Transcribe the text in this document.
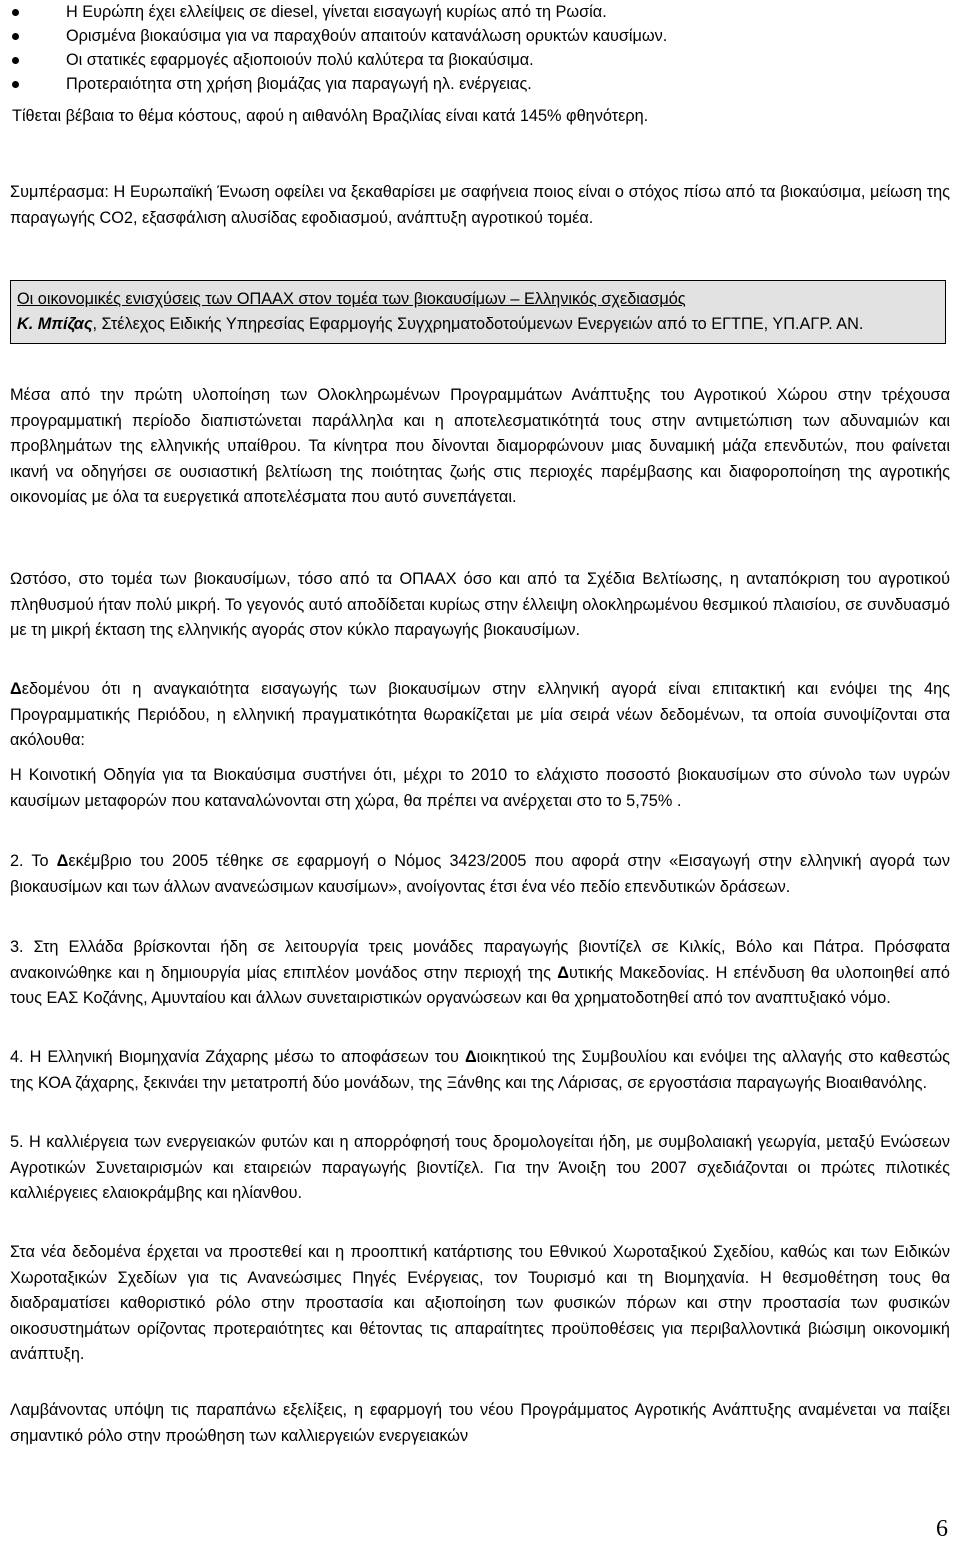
Η Ευρώπη έχει ελλείψεις σε diesel, γίνεται εισαγωγή κυρίως από τη Ρωσία.
Ορισμένα βιοκαύσιμα για να παραχθούν απαιτούν κατανάλωση ορυκτών καυσίμων.
Οι στατικές εφαρμογές αξιοποιούν πολύ καλύτερα τα βιοκαύσιμα.
Προτεραιότητα στη χρήση βιομάζας για παραγωγή ηλ. ενέργειας.
Τίθεται βέβαια το θέμα κόστους, αφού η αιθανόλη Βραζιλίας είναι κατά 145% φθηνότερη.

Συμπέρασμα: Η Ευρωπαϊκή Ένωση οφείλει να ξεκαθαρίσει με σαφήνεια ποιος είναι ο στόχος πίσω από τα βιοκαύσιμα, μείωση της παραγωγής CO2, εξασφάλιση αλυσίδας εφοδιασμού, ανάπτυξη αγροτικού τομέα.

Οι οικονομικές ενισχύσεις των ΟΠΑΑΧ στον τομέα των βιοκαυσίμων – Ελληνικός σχεδιασμός
Κ. Μπίζας, Στέλεχος Ειδικής Υπηρεσίας Εφαρμογής Συγχρηματοδοτούμενων Ενεργειών από το ΕΓΤΠΕ, ΥΠ.ΑΓΡ. ΑΝ.

Μέσα από την πρώτη υλοποίηση των Ολοκληρωμένων Προγραμμάτων Ανάπτυξης του Αγροτικού Χώρου στην τρέχουσα προγραμματική περίοδο διαπιστώνεται παράλληλα και η αποτελεσματικότητά τους στην αντιμετώπιση των αδυναμιών και προβλημάτων της ελληνικής υπαίθρου. Τα κίνητρα που δίνονται διαμορφώνουν μιας δυναμική μάζα επενδυτών, που φαίνεται ικανή να οδηγήσει σε ουσιαστική βελτίωση της ποιότητας ζωής στις περιοχές παρέμβασης και διαφοροποίηση της αγροτικής οικονομίας με όλα τα ευεργετικά αποτελέσματα που αυτό συνεπάγεται.

Ωστόσο, στο τομέα των βιοκαυσίμων, τόσο από τα ΟΠΑΑΧ όσο και από τα Σχέδια Βελτίωσης, η ανταπόκριση του αγροτικού πληθυσμού ήταν πολύ μικρή. Το γεγονός αυτό αποδίδεται κυρίως στην έλλειψη ολοκληρωμένου θεσμικού πλαισίου, σε συνδυασμό με τη μικρή έκταση της ελληνικής αγοράς στον κύκλο παραγωγής βιοκαυσίμων.

Δεδομένου ότι η αναγκαιότητα εισαγωγής των βιοκαυσίμων στην ελληνική αγορά είναι επιτακτική και ενόψει της 4ης Προγραμματικής Περιόδου, η ελληνική πραγματικότητα θωρακίζεται με μία σειρά νέων δεδομένων, τα οποία συνοψίζονται στα ακόλουθα:

Η Κοινοτική Οδηγία για τα Βιοκαύσιμα συστήνει ότι, μέχρι το 2010 το ελάχιστο ποσοστό βιοκαυσίμων στο σύνολο των υγρών καυσίμων μεταφορών που καταναλώνονται στη χώρα, θα πρέπει να ανέρχεται στο το 5,75% .

2. Το Δεκέμβριο του 2005 τέθηκε σε εφαρμογή ο Νόμος 3423/2005 που αφορά στην «Εισαγωγή στην ελληνική αγορά των βιοκαυσίμων και των άλλων ανανεώσιμων καυσίμων», ανοίγοντας έτσι ένα νέο πεδίο επενδυτικών δράσεων.

3. Στη Ελλάδα βρίσκονται ήδη σε λειτουργία τρεις μονάδες παραγωγής βιοντίζελ σε Κιλκίς, Βόλο και Πάτρα. Πρόσφατα ανακοινώθηκε και η δημιουργία μίας επιπλέον μονάδος στην περιοχή της Δυτικής Μακεδονίας. Η επένδυση θα υλοποιηθεί από τους ΕΑΣ Κοζάνης, Αμυνταίου και άλλων συνεταιριστικών οργανώσεων και θα χρηματοδοτηθεί από τον αναπτυξιακό νόμο.

4. Η Ελληνική Βιομηχανία Ζάχαρης μέσω το αποφάσεων του Διοικητικού της Συμβουλίου και ενόψει της αλλαγής στο καθεστώς της ΚΟΑ ζάχαρης, ξεκινάει την μετατροπή δύο μονάδων, της Ξάνθης και της Λάρισας, σε εργοστάσια παραγωγής Βιοαιθανόλης.

5. Η καλλιέργεια των ενεργειακών φυτών και η απορρόφησή τους δρομολογείται ήδη, με συμβολαιακή γεωργία, μεταξύ Ενώσεων Αγροτικών Συνεταιρισμών και εταιρειών παραγωγής βιοντίζελ. Για την Άνοιξη του 2007 σχεδιάζονται οι πρώτες πιλοτικές καλλιέργειες ελαιοκράμβης και ηλίανθου.

Στα νέα δεδομένα έρχεται να προστεθεί και η προοπτική κατάρτισης του Εθνικού Χωροταξικού Σχεδίου, καθώς και των Ειδικών Χωροταξικών Σχεδίων για τις Ανανεώσιμες Πηγές Ενέργειας, τον Τουρισμό και τη Βιομηχανία. Η θεσμοθέτηση τους θα διαδραματίσει καθοριστικό ρόλο στην προστασία και αξιοποίηση των φυσικών πόρων και στην προστασία των φυσικών οικοσυστημάτων ορίζοντας προτεραιότητες και θέτοντας τις απαραίτητες προϋποθέσεις για περιβαλλοντικά βιώσιμη οικονομική ανάπτυξη.

Λαμβάνοντας υπόψη τις παραπάνω εξελίξεις, η εφαρμογή του νέου Προγράμματος Αγροτικής Ανάπτυξης αναμένεται να παίξει σημαντικό ρόλο στην προώθηση των καλλιεργειών ενεργειακών

6
